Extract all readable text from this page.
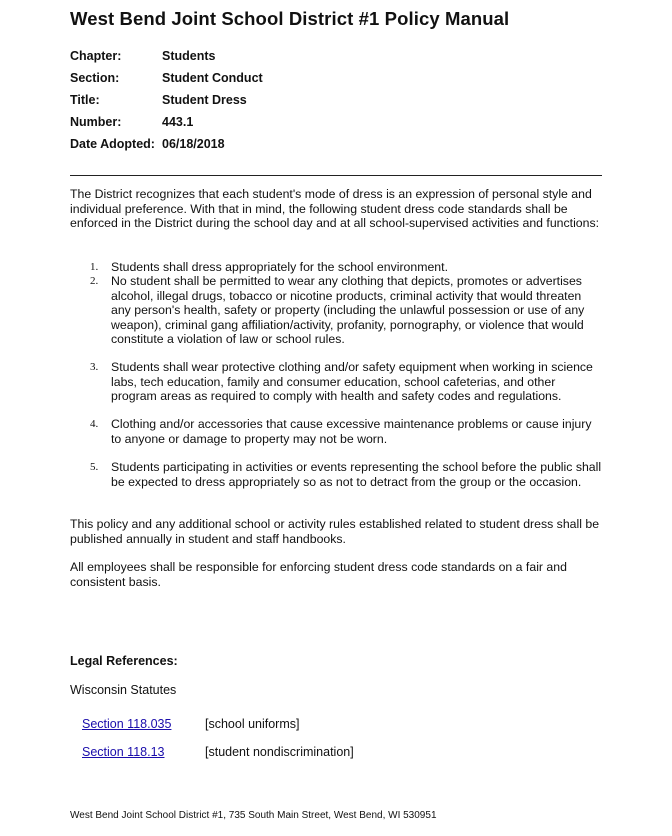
West Bend Joint School District #1 Policy Manual
Chapter:	Students
Section:	Student Conduct
Title:	Student Dress
Number:	443.1
Date Adopted: 06/18/2018
The District recognizes that each student's mode of dress is an expression of personal style and individual preference. With that in mind, the following student dress code standards shall be enforced in the District during the school day and at all school-supervised activities and functions:
1. Students shall dress appropriately for the school environment.
2. No student shall be permitted to wear any clothing that depicts, promotes or advertises alcohol, illegal drugs, tobacco or nicotine products, criminal activity that would threaten any person's health, safety or property (including the unlawful possession or use of any weapon), criminal gang affiliation/activity, profanity, pornography, or violence that would constitute a violation of law or school rules.
3. Students shall wear protective clothing and/or safety equipment when working in science labs, tech education, family and consumer education, school cafeterias, and other program areas as required to comply with health and safety codes and regulations.
4. Clothing and/or accessories that cause excessive maintenance problems or cause injury to anyone or damage to property may not be worn.
5. Students participating in activities or events representing the school before the public shall be expected to dress appropriately so as not to detract from the group or the occasion.
This policy and any additional school or activity rules established related to student dress shall be published annually in student and staff handbooks.
All employees shall be responsible for enforcing student dress code standards on a fair and consistent basis.
Legal References:
Wisconsin Statutes
Section 118.035	[school uniforms]
Section 118.13	[student nondiscrimination]
West Bend Joint School District #1, 735 South Main Street, West Bend, WI 530951
